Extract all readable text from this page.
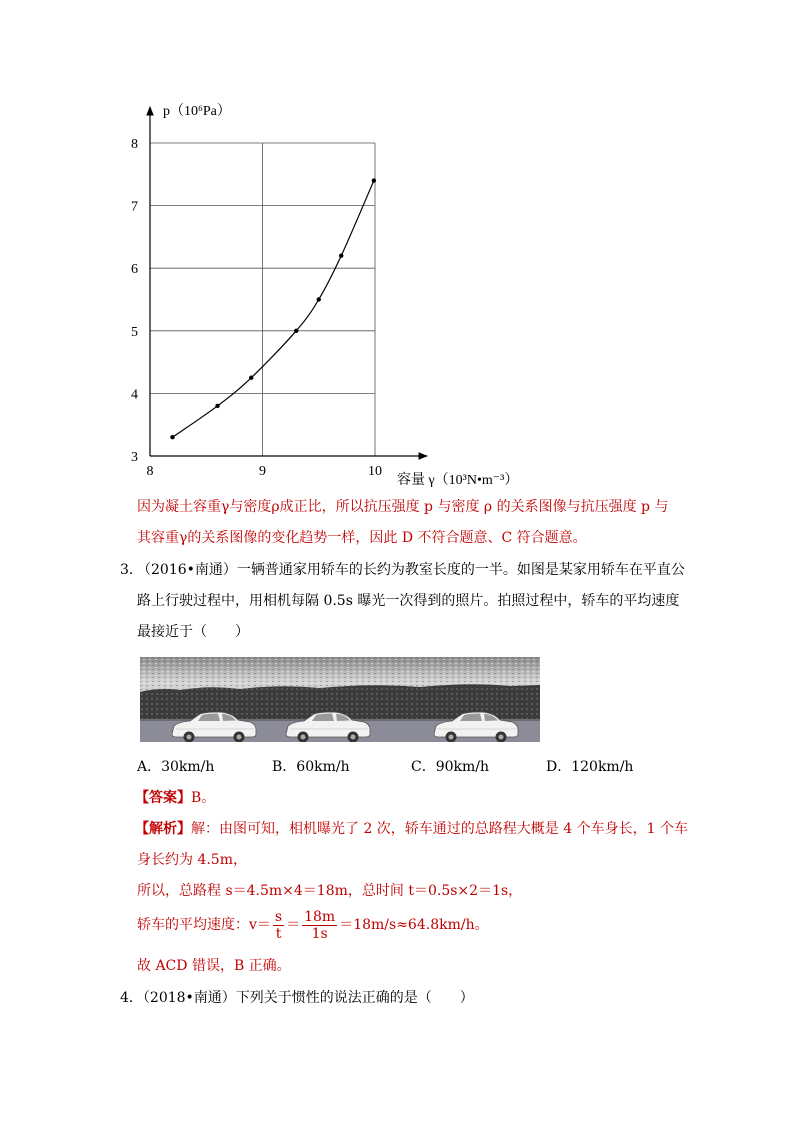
3
4
5
6
7
8
8	9	10
p（10⁶Pa）
容量 γ（10³N•m⁻³）
因为凝土容重γ与密度ρ成正比，所以抗压强度 p 与密度 ρ 的关系图像与抗压强度 p 与
其容重γ的关系图像的变化趋势一样，因此 D 不符合题意、C 符合题意。
3．
（2016•南通）一辆普通家用轿车的长约为教室长度的一半。如图是某家用轿车在平直公
路上行驶过程中，用相机每隔 0.5s 曝光一次得到的照片。拍照过程中，轿车的平均速度
最接近于（　　）
A．30km/h	B．60km/h	C．90km/h	D．120km/h
【答案】B。
【解析】解：由图可知，相机曝光了 2 次，轿车通过的总路程大概是 4 个车身长，1 个车
身长约为 4.5m，
所以，总路程 s＝4.5m×4＝18m，总时间 t＝0.5s×2＝1s，
轿车的平均速度：$v= \frac{s}{t} = \frac{18m}{1s} =18m/s\approx 64.8km/h$。
故 ACD 错误，B 正确。
4．（2018•南通）下列关于惯性的说法正确的是（　　）
